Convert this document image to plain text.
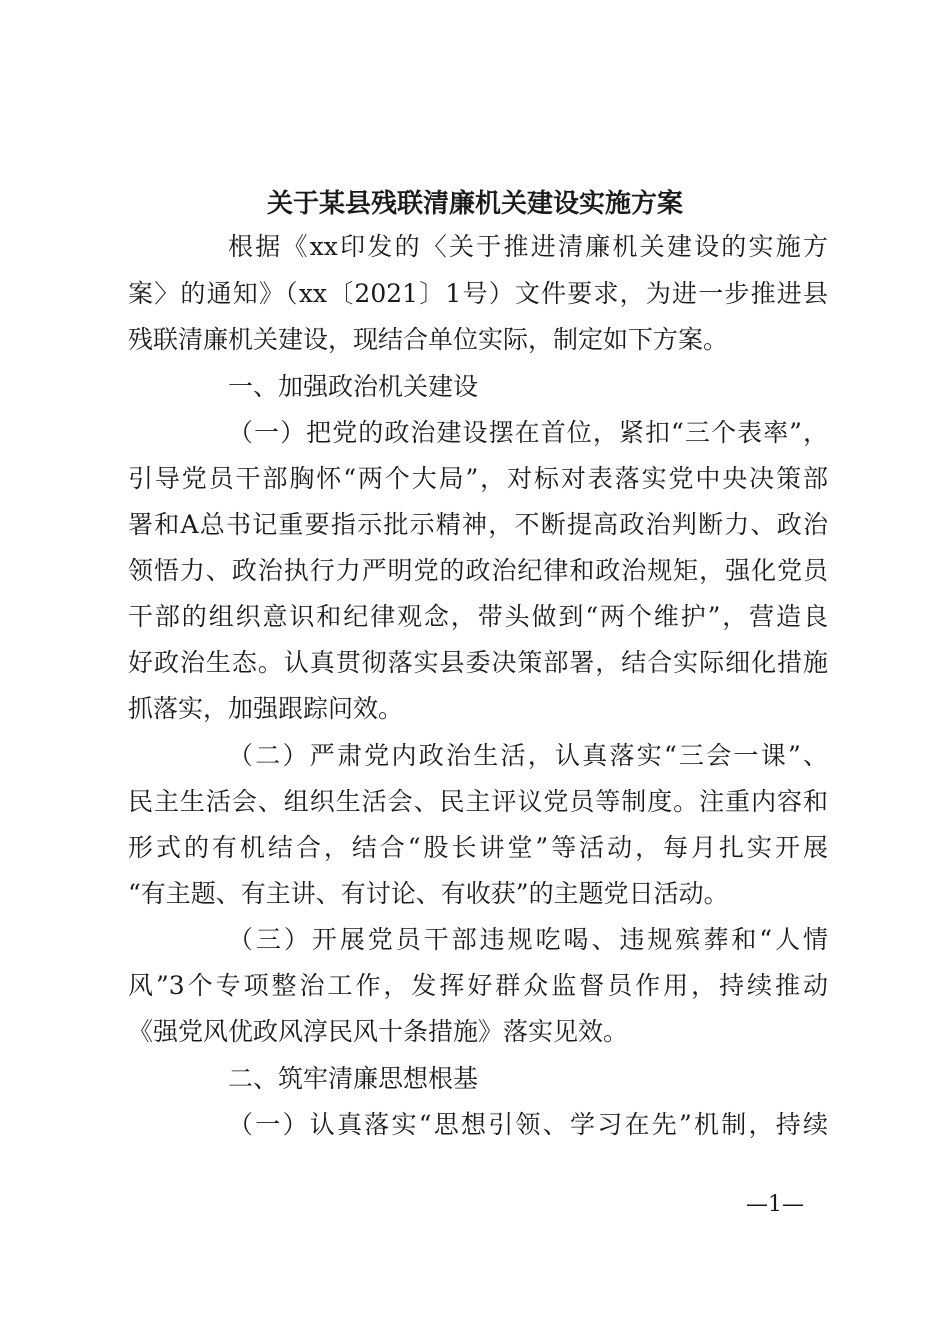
关于某县残联清廉机关建设实施方案
根据《xx印发的〈关于推进清廉机关建设的实施方
案〉的通知》（xx〔2021〕1号）文件要求，为进一步推进县
残联清廉机关建设，现结合单位实际，制定如下方案。
一、加强政治机关建设
（一）把党的政治建设摆在首位，紧扣“三个表率”，
引导党员干部胸怀“两个大局”，对标对表落实党中央决策部
署和A总书记重要指示批示精神，不断提高政治判断力、政治
领悟力、政治执行力严明党的政治纪律和政治规矩，强化党员
干部的组织意识和纪律观念，带头做到“两个维护”，营造良
好政治生态。认真贯彻落实县委决策部署，结合实际细化措施
抓落实，加强跟踪问效。
（二）严肃党内政治生活，认真落实“三会一课”、
民主生活会、组织生活会、民主评议党员等制度。注重内容和
形式的有机结合，结合“股长讲堂”等活动，每月扎实开展
“有主题、有主讲、有讨论、有收获”的主题党日活动。
（三）开展党员干部违规吃喝、违规殡葬和“人情
风”3个专项整治工作，发挥好群众监督员作用，持续推动
《强党风优政风淳民风十条措施》落实见效。
二、筑牢清廉思想根基
（一）认真落实“思想引领、学习在先”机制，持续
—1—
